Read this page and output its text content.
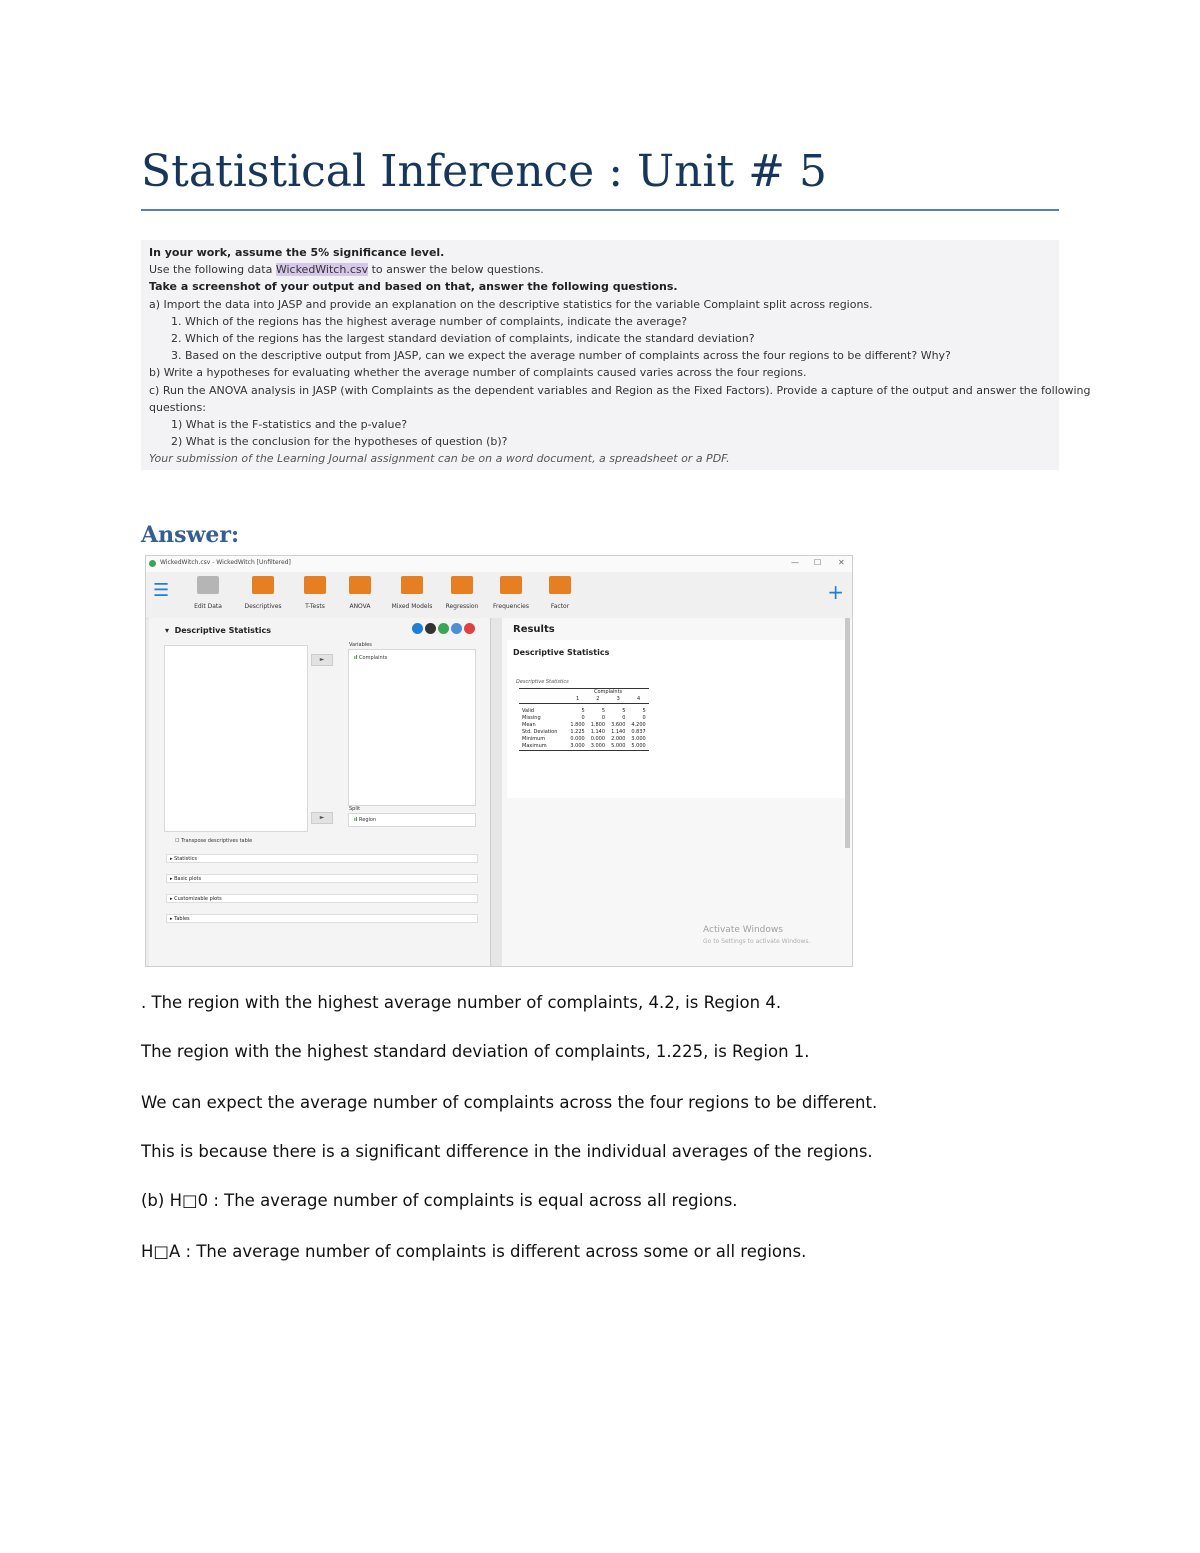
Statistical Inference : Unit # 5
In your work, assume the 5% significance level.
Use the following data WickedWitch.csv to answer the below questions.
Take a screenshot of your output and based on that, answer the following questions.
a) Import the data into JASP and provide an explanation on the descriptive statistics for the variable Complaint split across regions.
1. Which of the regions has the highest average number of complaints, indicate the average?
2. Which of the regions has the largest standard deviation of complaints, indicate the standard deviation?
3. Based on the descriptive output from JASP, can we expect the average number of complaints across the four regions to be different? Why?
b) Write a hypotheses for evaluating whether the average number of complaints caused varies across the four regions.
c) Run the ANOVA analysis in JASP (with Complaints as the dependent variables and Region as the Fixed Factors). Provide a capture of the output and answer the following
questions:
1) What is the F-statistics and the p-value?
2) What is the conclusion for the hypotheses of question (b)?
Your submission of the Learning Journal assignment can be on a word document, a spreadsheet or a PDF.
Answer:
WickedWitch.csv - WickedWitch [Unfiltered]	— ☐ ✕
☰
Edit Data	Descriptives	T-Tests	ANOVA	Mixed Models	Regression	Frequencies	Factor
+
▾  Descriptive Statistics
Variables
►	ıl Complaints
Split
►	ıl Region
☐ Transpose descriptives table
▸ Statistics
▸ Basic plots
▸ Customizable plots
▸ Tables
Results
Descriptive Statistics
Descriptive Statistics
	Complaints			
	1	2	3	4

Valid	5	5	5	5
Missing	0	0	0	0
Mean	1.800	1.800	3.600	4.200
Std. Deviation	1.225	1.140	1.140	0.837
Minimum	0.000	0.000	2.000	3.000
Maximum	3.000	3.000	5.000	5.000
Activate Windows
Go to Settings to activate Windows.
. The region with the highest average number of complaints, 4.2, is Region 4.
The region with the highest standard deviation of complaints, 1.225, is Region 1.
We can expect the average number of complaints across the four regions to be different.
This is because there is a significant difference in the individual averages of the regions.
(b) H□0 : The average number of complaints is equal across all regions.
H□A : The average number of complaints is different across some or all regions.
